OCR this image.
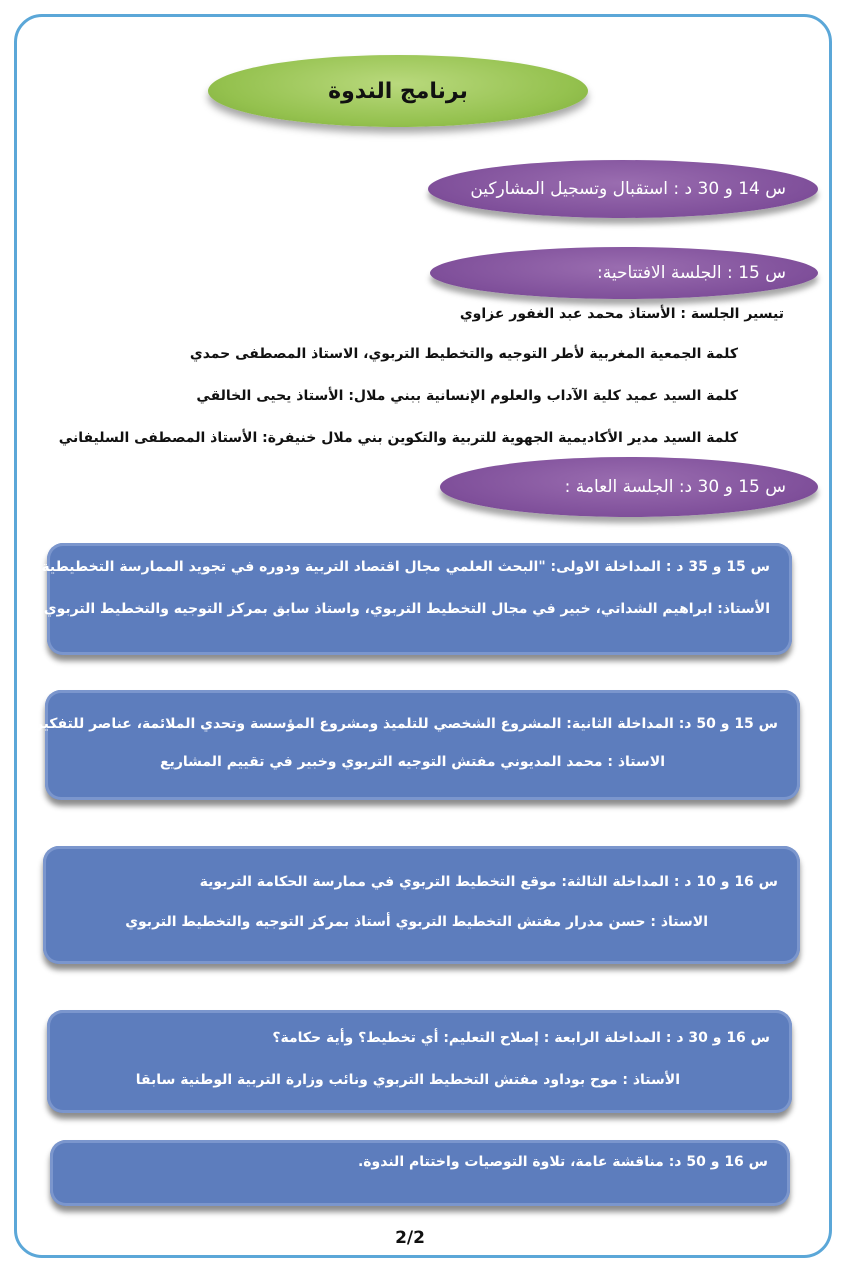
برنامج الندوة
س 14 و 30 د : استقبال وتسجيل المشاركين
س 15 : الجلسة الافتتاحية:
تيسير الجلسة : الأستاذ محمد عبد الغفور عزاوي
كلمة الجمعية المغربية لأطر التوجيه والتخطيط التربوي، الاستاذ المصطفى حمدي
كلمة السيد عميد كلية الآداب والعلوم الإنسانية ببني ملال: الأستاذ يحيى الخالقي
كلمة السيد مدير الأكاديمية الجهوية للتربية والتكوين بني ملال خنيفرة: الأستاذ المصطفى السليفاني
س 15 و 30 د: الجلسة العامة :
س 15 و 35 د : المداخلة الاولى: "البحث العلمي مجال اقتصاد التربية ودوره في تجويد الممارسة التخطيطية"
الأستاذ: ابراهيم الشداتي، خبير في مجال التخطيط التربوي، واستاذ سابق بمركز التوجيه والتخطيط التربوي
س 15 و 50 د: المداخلة الثانية: المشروع الشخصي للتلميذ ومشروع المؤسسة وتحدي الملائمة، عناصر للتفكير
الاستاذ : محمد المديوني مفتش التوجيه التربوي وخبير في تقييم المشاريع
س 16 و 10 د : المداخلة الثالثة: موقع التخطيط التربوي في ممارسة الحكامة التربوية
الاستاذ : حسن مدرار مفتش التخطيط التربوي أستاذ بمركز التوجيه والتخطيط التربوي
س 16 و 30 د : المداخلة الرابعة : إصلاح التعليم: أي تخطيط؟ وأية حكامة؟
الأستاذ : موح بوداود مفتش التخطيط التربوي ونائب وزارة التربية الوطنية سابقا
س 16 و 50 د: مناقشة عامة، تلاوة التوصيات واختتام الندوة.
2/2
